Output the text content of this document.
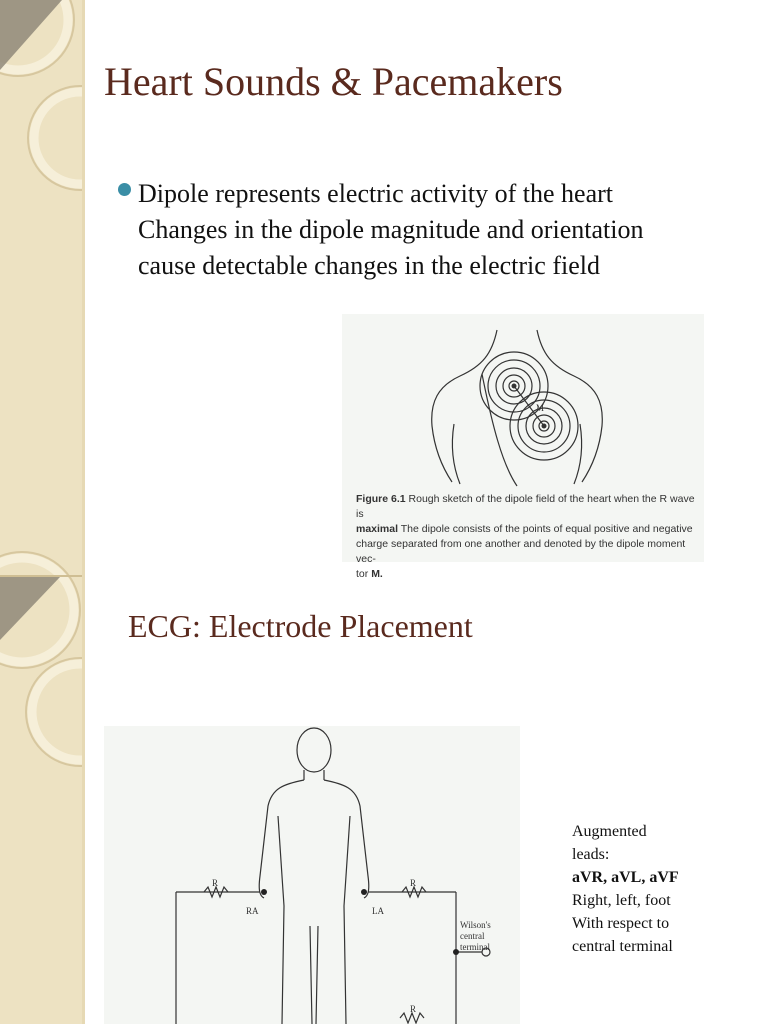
Heart Sounds & Pacemakers

Dipole represents electric activity of the heart
Changes in the dipole magnitude and orientation
cause detectable changes in the electric field

M
Figure 6.1 Rough sketch of the dipole field of the heart when the R wave is
maximal The dipole consists of the points of equal positive and negative
charge separated from one another and denoted by the dipole moment vec-
tor M.
ECG: Electrode Placement
R	R
R
RA	LA
Wilson's
central
terminal
Augmented
leads:
aVR, aVL, aVF
Right, left, foot
With respect to
central terminal
